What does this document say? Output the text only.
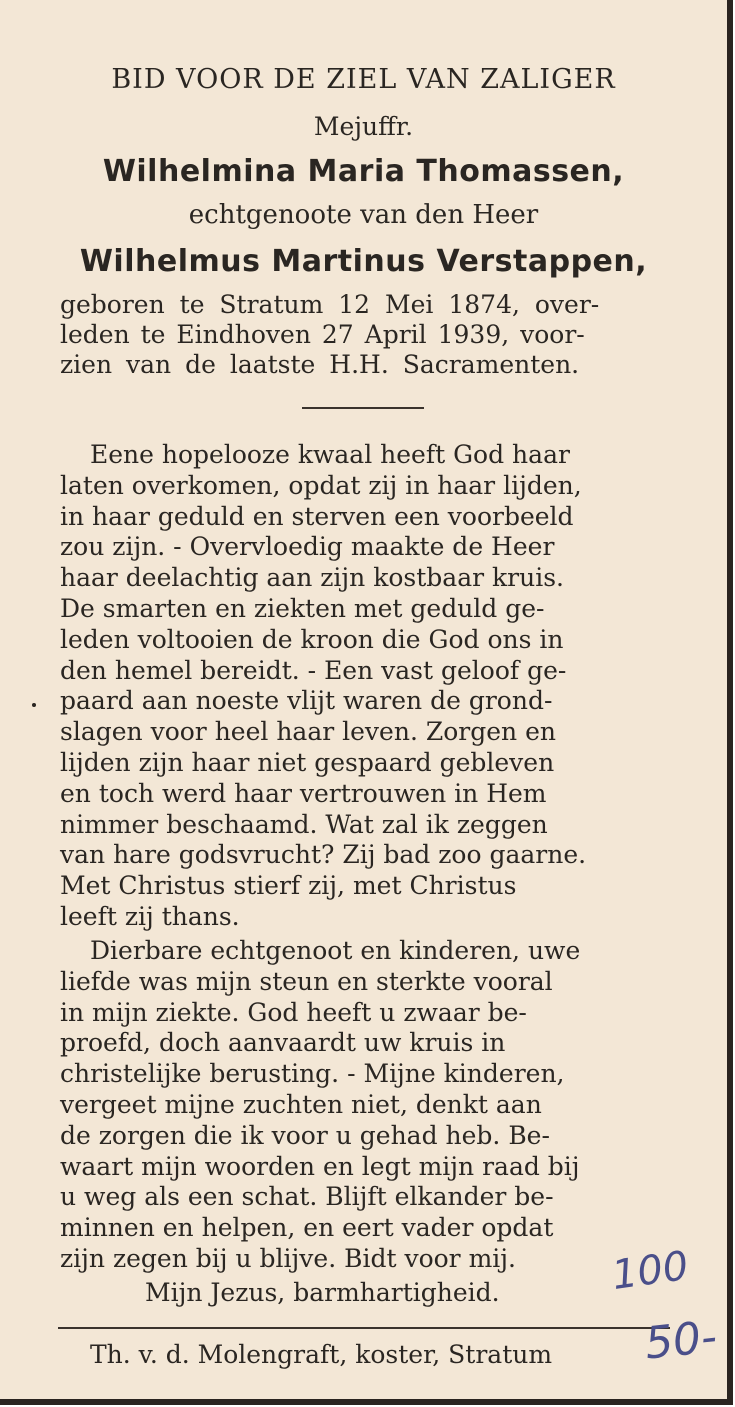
BID VOOR DE ZIEL VAN ZALIGER
Mejuffr.
Wilhelmina Maria Thomassen,
echtgenoote van den Heer
Wilhelmus Martinus Verstappen,
geboren te Stratum 12 Mei 1874, over-
leden te Eindhoven 27 April 1939, voor-
zien van de laatste H.H. Sacramenten.
Eene hopelooze kwaal heeft God haar
laten overkomen, opdat zij in haar lijden,
in haar geduld en sterven een voorbeeld
zou zijn. - Overvloedig maakte de Heer
haar deelachtig aan zijn kostbaar kruis.
De smarten en ziekten met geduld ge-
leden voltooien de kroon die God ons in
den hemel bereidt. - Een vast geloof ge-
paard aan noeste vlijt waren de grond-
slagen voor heel haar leven. Zorgen en
lijden zijn haar niet gespaard gebleven
en toch werd haar vertrouwen in Hem
nimmer beschaamd. Wat zal ik zeggen
van hare godsvrucht? Zij bad zoo gaarne.
Met Christus stierf zij, met Christus
leeft zij thans.
Dierbare echtgenoot en kinderen, uwe
liefde was mijn steun en sterkte vooral
in mijn ziekte. God heeft u zwaar be-
proefd, doch aanvaardt uw kruis in
christelijke berusting. - Mijne kinderen,
vergeet mijne zuchten niet, denkt aan
de zorgen die ik voor u gehad heb. Be-
waart mijn woorden en legt mijn raad bij
u weg als een schat. Blijft elkander be-
minnen en helpen, en eert vader opdat
zijn zegen bij u blijve. Bidt voor mij.
Mijn Jezus, barmhartigheid.	100
Th. v. d. Molengraft, koster, Stratum 50-
